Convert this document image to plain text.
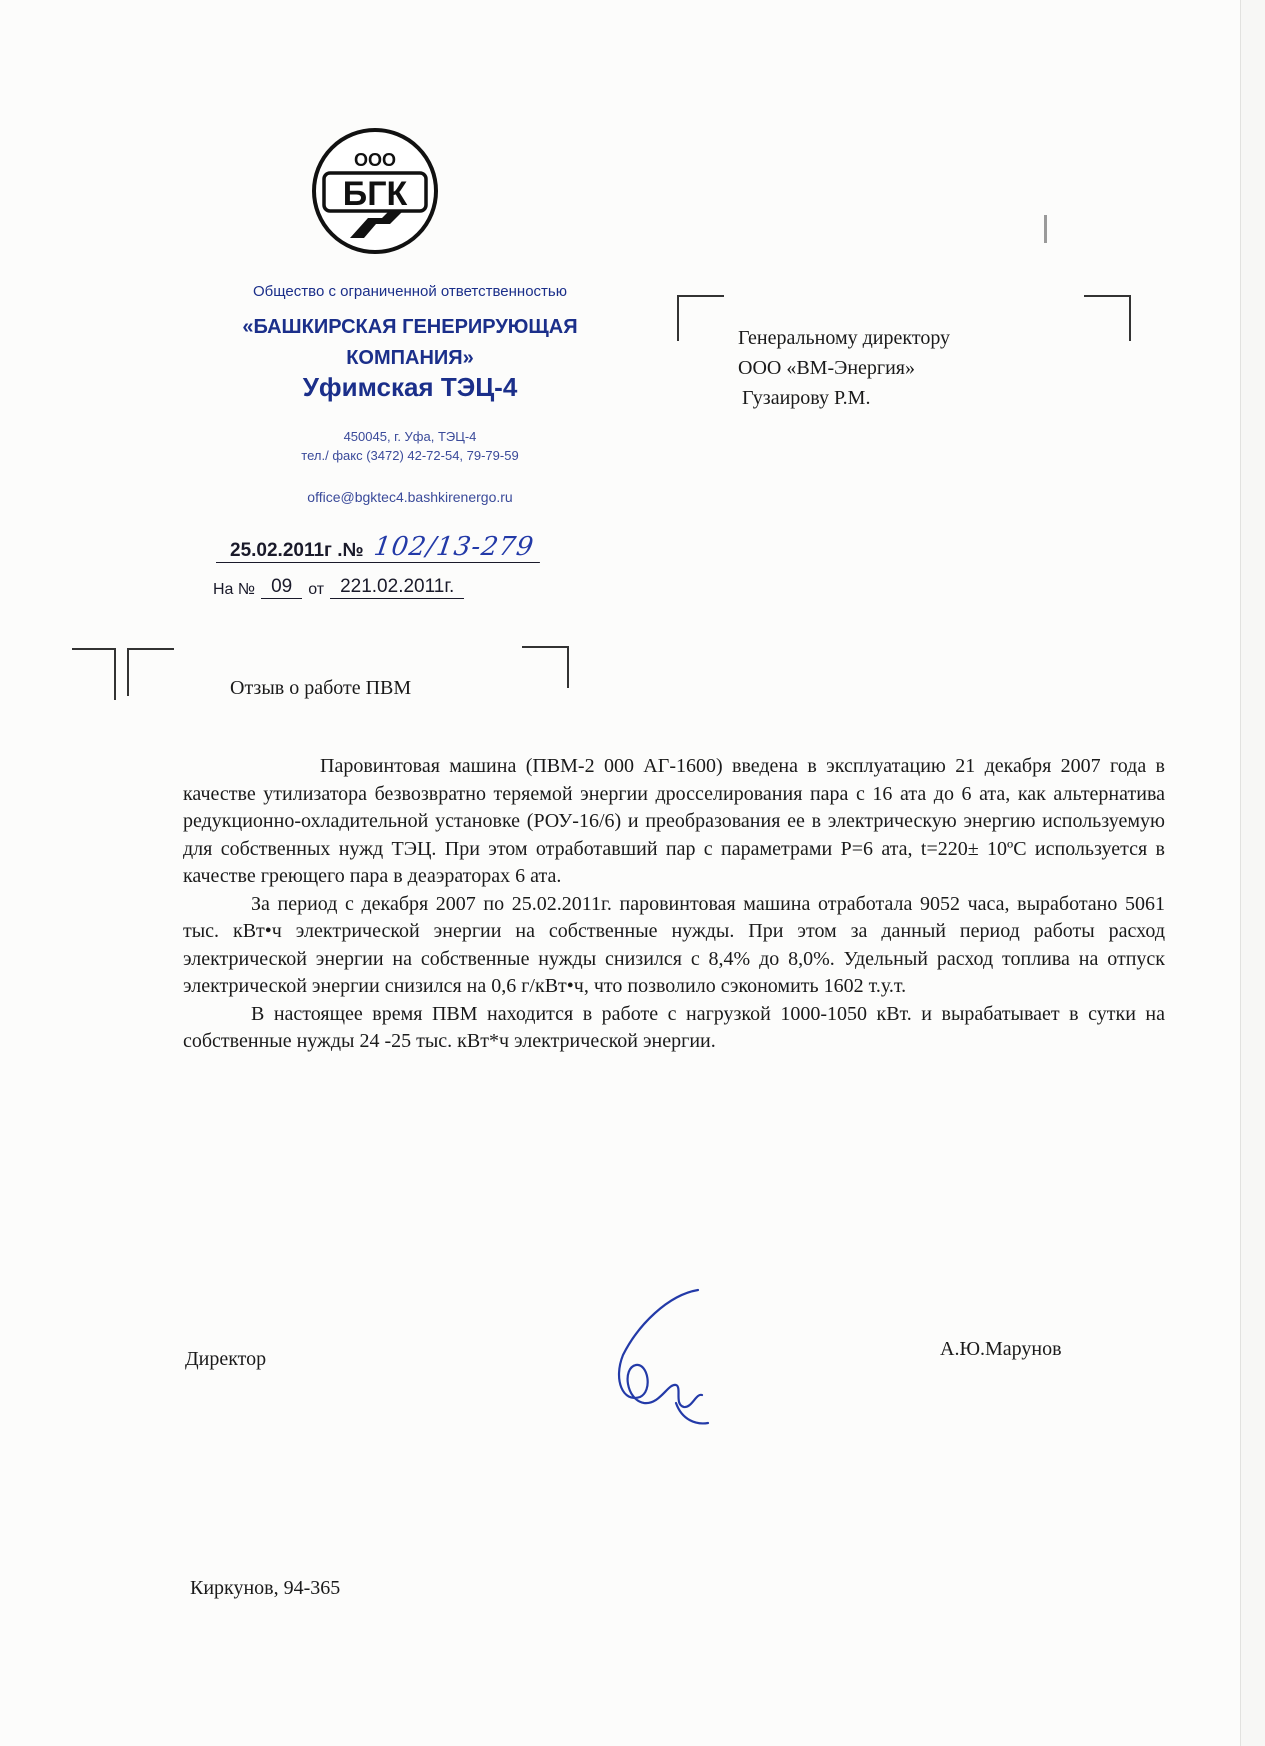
ООО
БГК
Общество с ограниченной ответственностью
«БАШКИРСКАЯ ГЕНЕРИРУЮЩАЯ
КОМПАНИЯ»
Уфимская ТЭЦ-4
450045, г. Уфа, ТЭЦ-4
тел./ факс (3472) 42-72-54, 79-79-59
office@bgktec4.bashkirenergo.ru
25.02.2011г .№ 102/13-279
На № 09	от 221.02.2011г.
Генеральному директору
ООО «ВМ-Энергия»
Гузаирову Р.М.
Отзыв о работе ПВМ

Паровинтовая машина (ПВМ-2 000 АГ-1600) введена в эксплуатацию 21 декабря 2007 года в качестве утилизатора безвозвратно теряемой энергии дросселирования пара с 16 ата до 6 ата, как альтернатива редукционно-охладительной установке (РОУ-16/6) и преобразования ее в электрическую энергию используемую для собственных нужд ТЭЦ. При этом отработавший пар с параметрами Р=6 ата, t=220± 10ºС используется в качестве греющего пара в деаэраторах 6 ата.

За период с декабря 2007 по 25.02.2011г. паровинтовая машина отработала 9052 часа, выработано 5061 тыс. кВт•ч электрической энергии на собственные нужды. При этом за данный период работы расход электрической энергии на собственные нужды снизился с 8,4% до 8,0%. Удельный расход топлива на отпуск электрической энергии снизился на 0,6 г/кВт•ч, что позволило сэкономить 1602 т.у.т.

В настоящее время ПВМ находится в работе с нагрузкой 1000-1050 кВт. и вырабатывает в сутки на собственные нужды 24 -25 тыс. кВт*ч электрической энергии.

Директор	А.Ю.Марунов
Киркунов, 94-365
